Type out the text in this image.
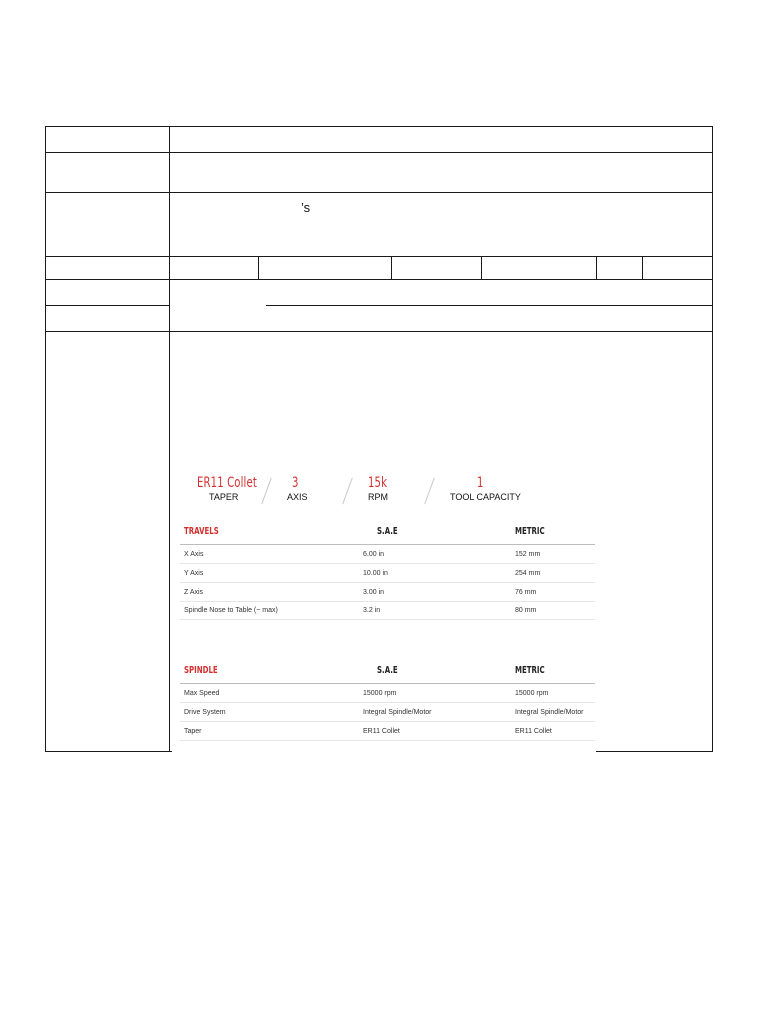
’s
ER11 Collet
TAPER
3
AXIS
15k
RPM
1
TOOL CAPACITY
TRAVELS	S.A.E	METRIC
X Axis	6.00 in	152 mm
Y Axis	10.00 in	254 mm
Z Axis	3.00 in	76 mm
Spindle Nose to Table (~ max)	3.2 in	80 mm
SPINDLE	S.A.E	METRIC
Max Speed	15000 rpm	15000 rpm
Drive System	Integral Spindle/Motor	Integral Spindle/Motor
Taper	ER11 Collet	ER11 Collet
